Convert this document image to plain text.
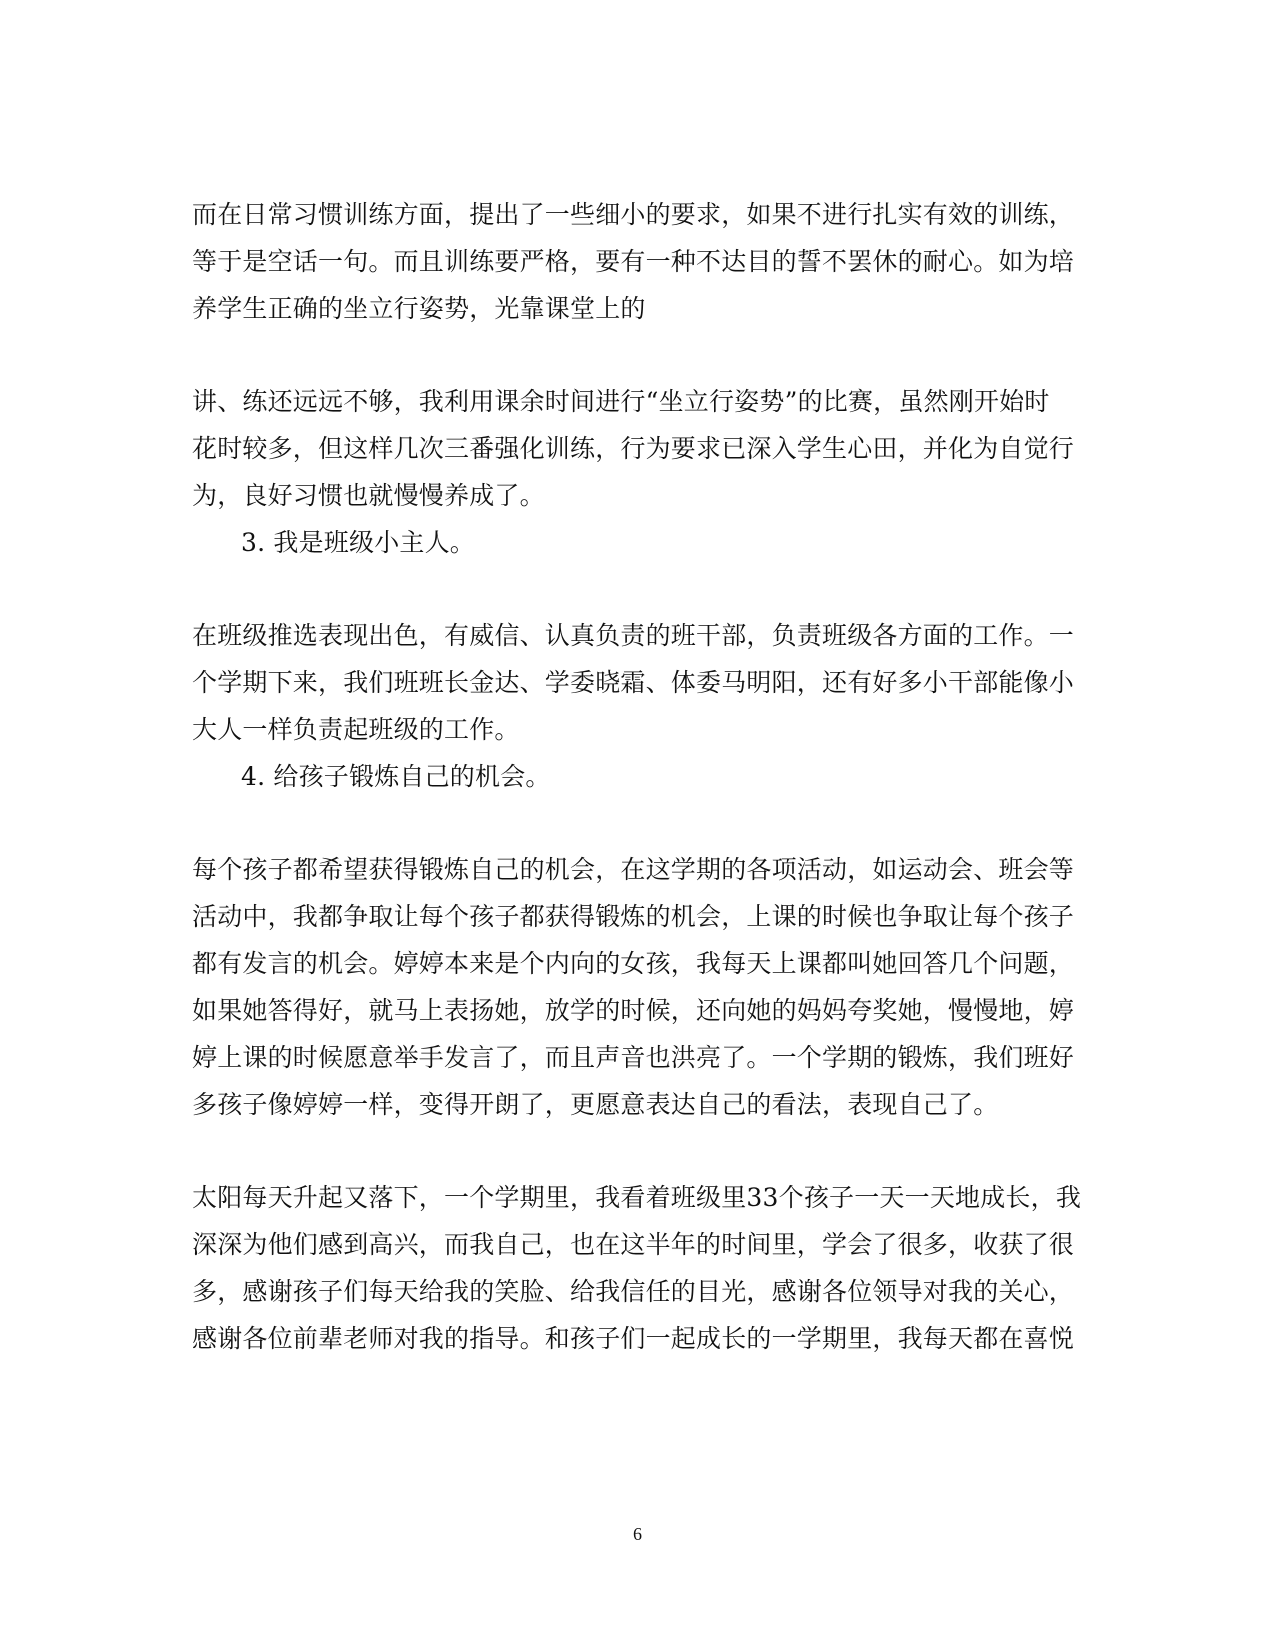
而在日常习惯训练方面，提出了一些细小的要求，如果不进行扎实有效的训练，
等于是空话一句。而且训练要严格，要有一种不达目的誓不罢休的耐心。如为培
养学生正确的坐立行姿势，光靠课堂上的
讲、练还远远不够，我利用课余时间进行“坐立行姿势”的比赛，虽然刚开始时
花时较多，但这样几次三番强化训练，行为要求已深入学生心田，并化为自觉行
为，良好习惯也就慢慢养成了。
3. 我是班级小主人。
在班级推选表现出色，有威信、认真负责的班干部，负责班级各方面的工作。一
个学期下来，我们班班长金达、学委晓霜、体委马明阳，还有好多小干部能像小
大人一样负责起班级的工作。
4. 给孩子锻炼自己的机会。
每个孩子都希望获得锻炼自己的机会，在这学期的各项活动，如运动会、班会等
活动中，我都争取让每个孩子都获得锻炼的机会，上课的时候也争取让每个孩子
都有发言的机会。婷婷本来是个内向的女孩，我每天上课都叫她回答几个问题，
如果她答得好，就马上表扬她，放学的时候，还向她的妈妈夸奖她，慢慢地，婷
婷上课的时候愿意举手发言了，而且声音也洪亮了。一个学期的锻炼，我们班好
多孩子像婷婷一样，变得开朗了，更愿意表达自己的看法，表现自己了。
太阳每天升起又落下，一个学期里，我看着班级里33个孩子一天一天地成长，我
深深为他们感到高兴，而我自己，也在这半年的时间里，学会了很多，收获了很
多，感谢孩子们每天给我的笑脸、给我信任的目光，感谢各位领导对我的关心，
感谢各位前辈老师对我的指导。和孩子们一起成长的一学期里，我每天都在喜悦
6
